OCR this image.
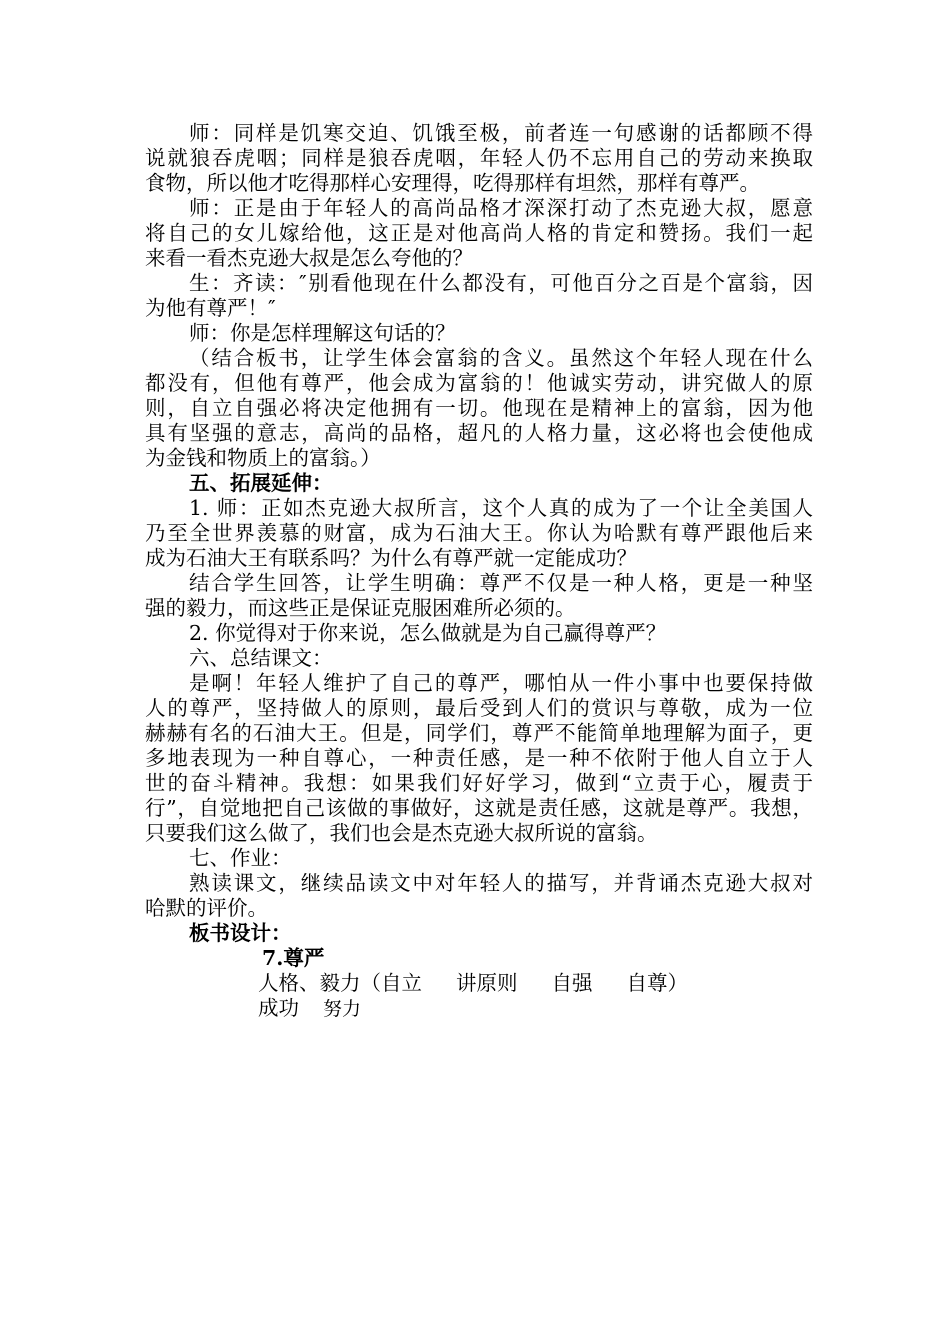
师：同样是饥寒交迫、饥饿至极，前者连一句感谢的话都顾不得
说就狼吞虎咽；同样是狼吞虎咽，年轻人仍不忘用自己的劳动来换取
食物，所以他才吃得那样心安理得，吃得那样有坦然，那样有尊严。
师：正是由于年轻人的高尚品格才深深打动了杰克逊大叔，愿意
将自己的女儿嫁给他，这正是对他高尚人格的肯定和赞扬。我们一起
来看一看杰克逊大叔是怎么夸他的？
生：齐读：″别看他现在什么都没有，可他百分之百是个富翁，因
为他有尊严！″
师：你是怎样理解这句话的？
（结合板书，让学生体会富翁的含义。虽然这个年轻人现在什么
都没有，但他有尊严，他会成为富翁的！他诚实劳动，讲究做人的原
则，自立自强必将决定他拥有一切。他现在是精神上的富翁，因为他
具有坚强的意志，高尚的品格，超凡的人格力量，这必将也会使他成
为金钱和物质上的富翁。）
五、拓展延伸：
1. 师：正如杰克逊大叔所言，这个人真的成为了一个让全美国人
乃至全世界羡慕的财富，成为石油大王。你认为哈默有尊严跟他后来
成为石油大王有联系吗？为什么有尊严就一定能成功？
结合学生回答，让学生明确：尊严不仅是一种人格，更是一种坚
强的毅力，而这些正是保证克服困难所必须的。
2. 你觉得对于你来说，怎么做就是为自己赢得尊严？
六、总结课文：
是啊！年轻人维护了自己的尊严，哪怕从一件小事中也要保持做
人的尊严，坚持做人的原则，最后受到人们的赏识与尊敬，成为一位
赫赫有名的石油大王。但是，同学们，尊严不能简单地理解为面子，更
多地表现为一种自尊心，一种责任感，是一种不依附于他人自立于人
世的奋斗精神。我想：如果我们好好学习，做到“立责于心，履责于
行”，自觉地把自己该做的事做好，这就是责任感，这就是尊严。我想，
只要我们这么做了，我们也会是杰克逊大叔所说的富翁。
七、作业：
熟读课文，继续品读文中对年轻人的描写，并背诵杰克逊大叔对
哈默的评价。
板书设计：
7.尊严
人格、毅力（自立 讲原则 自强 自尊）
成功 努力
